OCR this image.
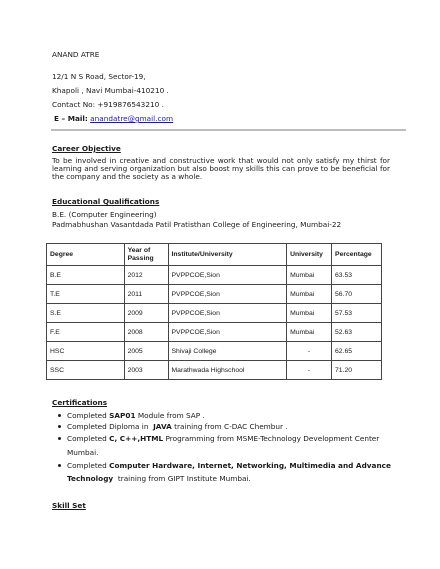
ANAND ATRE
12/1 N S Road, Sector-19,
Khapoli , Navi Mumbai-410210 .
Contact No: +919876543210 .
E – Mail: anandatre@gmail.com
Career Objective
To be involved in creative and constructive work that would not only satisfy my thirst for learning and serving organization but also boost my skills this can prove to be beneficial for the company and the society as a whole.
Educational Qualifications
B.E. (Computer Engineering)
Padmabhushan Vasantdada Patil Pratisthan College of Engineering, Mumbai-22
Degree	Year of Passing	Institute/University	University	Percentage
B.E	2012	PVPPCOE,Sion	Mumbai	63.53
T.E	2011	PVPPCOE,Sion	Mumbai	56.70
S.E	2009	PVPPCOE,Sion	Mumbai	57.53
F.E	2008	PVPPCOE,Sion	Mumbai	52.63
HSC	2005	Shivaji College	-	62.65
SSC	2003	Marathwada Highschool	-	71.20
Certifications
Completed SAP01 Module from SAP .
Completed Diploma in JAVA training from C-DAC Chembur .
Completed C, C++,HTML Programming from MSME-Technology Development Center
Mumbai.
Completed Computer Hardware, Internet, Networking, Multimedia and Advance
Technology training from GIPT Institute Mumbai.
Skill Set
